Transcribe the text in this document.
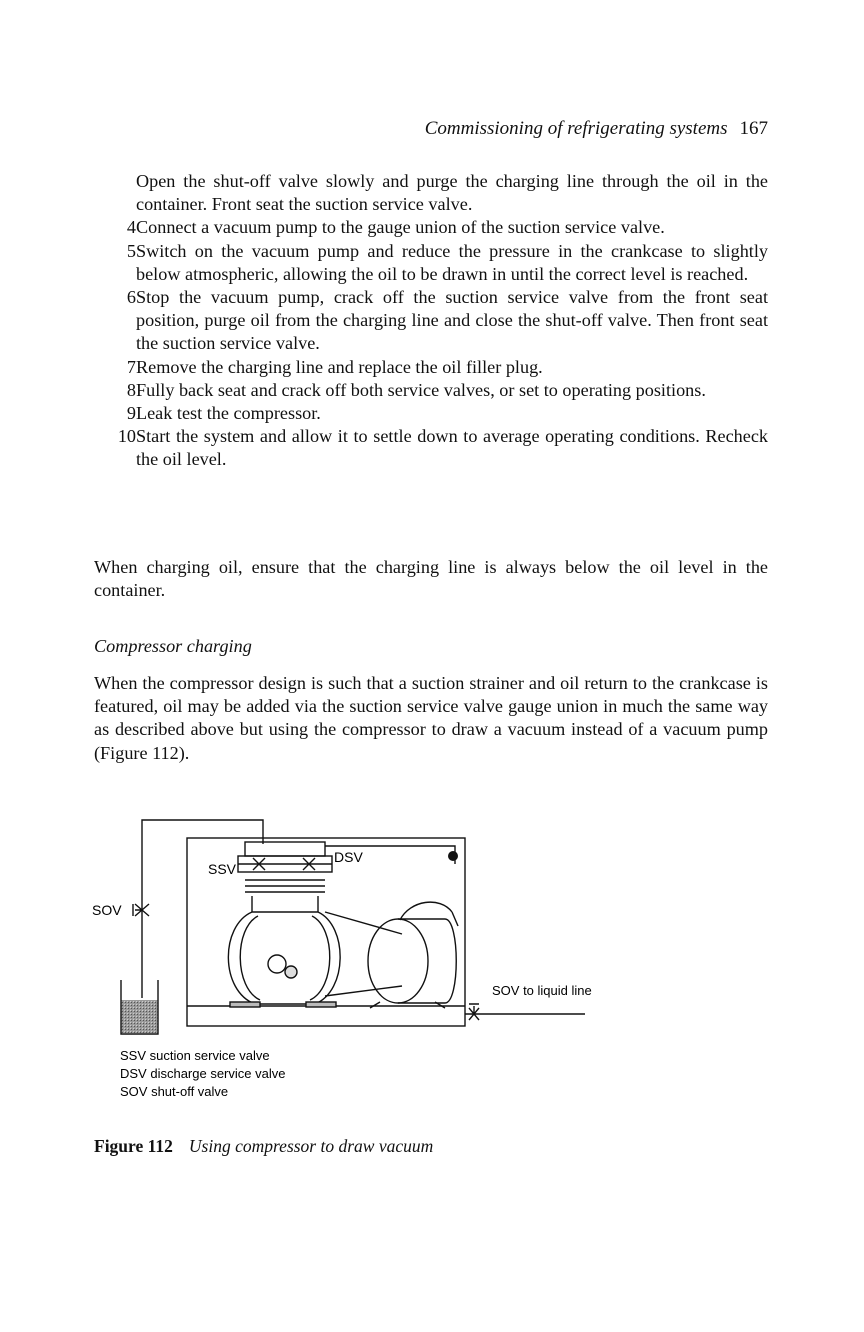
Commissioning of refrigerating systems 167
Open the shut-off valve slowly and purge the charging line through the oil in the container. Front seat the suction service valve.
4 Connect a vacuum pump to the gauge union of the suction service valve.
5 Switch on the vacuum pump and reduce the pressure in the crankcase to slightly below atmospheric, allowing the oil to be drawn in until the correct level is reached.
6 Stop the vacuum pump, crack off the suction service valve from the front seat position, purge oil from the charging line and close the shut-off valve. Then front seat the suction service valve.
7 Remove the charging line and replace the oil filler plug.
8 Fully back seat and crack off both service valves, or set to operating positions.
9 Leak test the compressor.
10 Start the system and allow it to settle down to average operating conditions. Recheck the oil level.

When charging oil, ensure that the charging line is always below the oil level in the container.

Compressor charging

When the compressor design is such that a suction strainer and oil return to the crankcase is featured, oil may be added via the suction service valve gauge union in much the same way as described above but using the compressor to draw a vacuum instead of a vacuum pump (Figure 112).

SSV
DSV
SOV
SOV to liquid line
SSV suction service valve
DSV discharge service valve
SOV shut-off valve
Figure 112 Using compressor to draw vacuum
